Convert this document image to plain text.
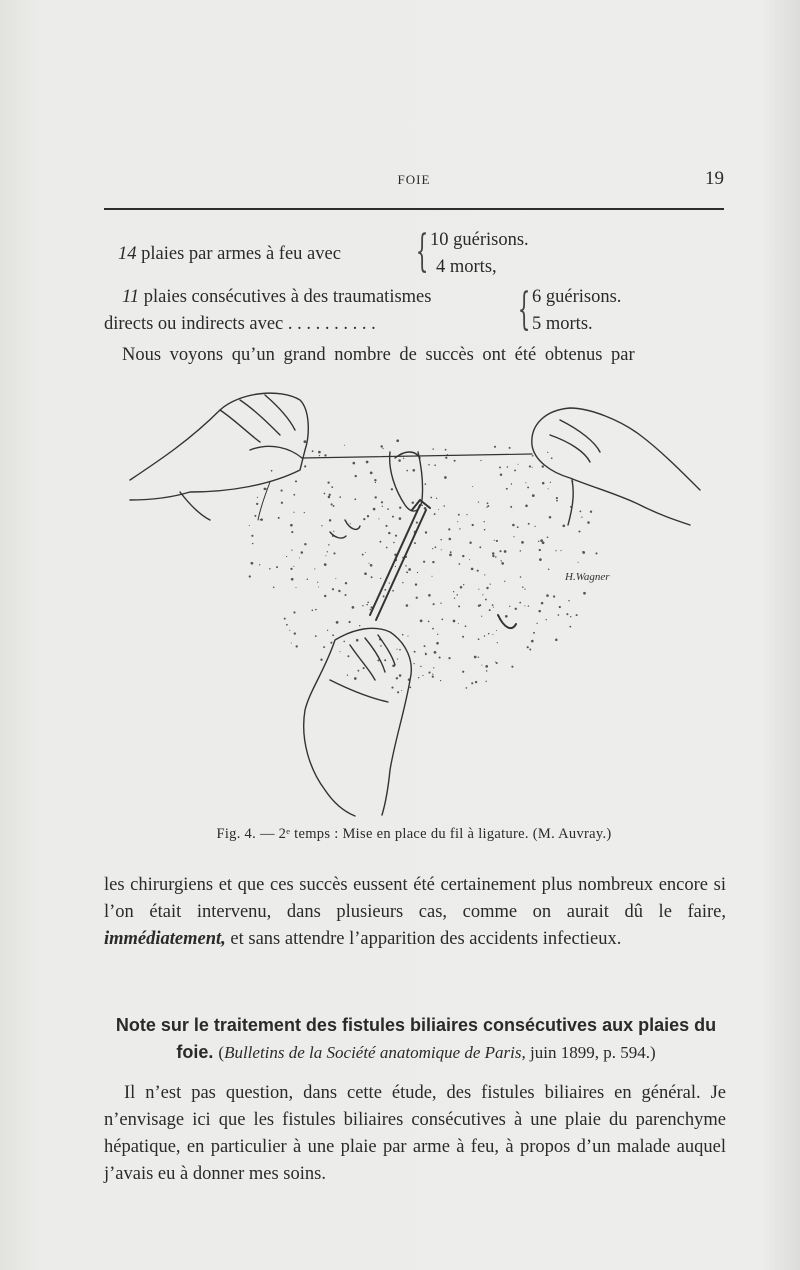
FOIE	19
14 plaies par armes à feu avec { 10 guérisons.
4 morts,
11 plaies consécutives à des traumatismes
directs ou indirects avec . . . . . . . . . .	{ 6 guérisons.
5 morts.
Nous voyons qu’un grand nombre de succès ont été obtenus par
H.Wagner
Fig. 4. — 2ᵉ temps : Mise en place du fil à ligature. (M. Auvray.)
les chirurgiens et que ces succès eussent été certainement plus nombreux encore si l’on était intervenu, dans plusieurs cas, comme on aurait dû le faire, immédiatement, et sans attendre l’apparition des accidents infectieux.
Note sur le traitement des fistules biliaires consécutives aux plaies du foie. (Bulletins de la Société anatomique de Paris, juin 1899, p. 594.)
Il n’est pas question, dans cette étude, des fistules biliaires en général. Je n’envisage ici que les fistules biliaires consécutives à une plaie du parenchyme hépatique, en particulier à une plaie par arme à feu, à propos d’un malade auquel j’avais eu à donner mes soins.
